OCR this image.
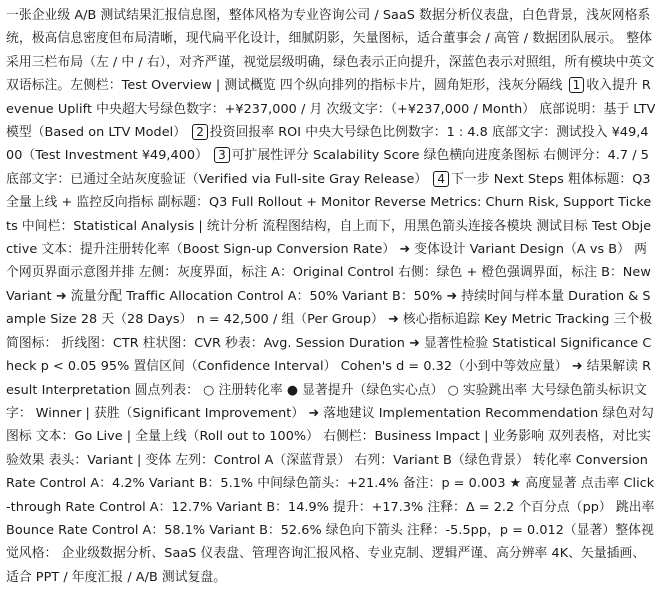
一张企业级 A/B 测试结果汇报信息图，整体风格为专业咨询公司 / SaaS 数据分析仪表盘，白色背景，浅灰网格系统，极高信息密度但布局清晰，现代扁平化设计，细腻阴影，矢量图标，适合董事会 / 高管 / 数据团队展示。 整体采用三栏布局（左 / 中 / 右），对齐严谨，视觉层级明确，绿色表示正向提升，深蓝色表示对照组，所有模块中英文双语标注。左侧栏：Test Overview | 测试概览 四个纵向排列的指标卡片，圆角矩形，浅灰分隔线 1 收入提升 Revenue Uplift 中央超大号绿色数字：+¥237,000 / 月 次级文字：（+¥237,000 / Month） 底部说明：基于 LTV 模型（Based on LTV Model） 2 投资回报率 ROI 中央大号绿色比例数字：1 : 4.8 底部文字：测试投入 ¥49,400（Test Investment ¥49,400） 3 可扩展性评分 Scalability Score 绿色横向进度条图标 右侧评分：4.7 / 5 底部文字：已通过全站灰度验证（Verified via Full-site Gray Release） 4 下一步 Next Steps 粗体标题：Q3 全量上线 + 监控反向指标 副标题：Q3 Full Rollout + Monitor Reverse Metrics: Churn Risk, Support Tickets 中间栏：Statistical Analysis | 统计分析 流程图结构，自上而下，用黑色箭头连接各模块 测试目标 Test Objective 文本：提升注册转化率（Boost Sign-up Conversion Rate） ➜ 变体设计 Variant Design（A vs B） 两个网页界面示意图并排 左侧：灰度界面，标注 A：Original Control 右侧：绿色 + 橙色强调界面，标注 B：New Variant ➜ 流量分配 Traffic Allocation Control A：50% Variant B：50% ➜ 持续时间与样本量 Duration & Sample Size 28 天（28 Days） n = 42,500 / 组（Per Group） ➜ 核心指标追踪 Key Metric Tracking 三个极简图标： 折线图：CTR 柱状图：CVR 秒表：Avg. Session Duration ➜ 显著性检验 Statistical Significance Check p < 0.05 95% 置信区间（Confidence Interval） Cohen's d = 0.32（小到中等效应量） ➜ 结果解读 Result Interpretation 圆点列表： ○ 注册转化率 ● 显著提升（绿色实心点） ○ 实验跳出率 大号绿色箭头标识文字： Winner | 获胜（Significant Improvement） ➜ 落地建议 Implementation Recommendation 绿色对勾图标 文本：Go Live | 全量上线（Roll out to 100%） 右侧栏：Business Impact | 业务影响 双列表格，对比实验效果 表头：Variant | 变体 左列：Control A（深蓝背景） 右列：Variant B（绿色背景） 转化率 Conversion Rate Control A：4.2% Variant B：5.1% 中间绿色箭头：+21.4% 备注：p = 0.003 ★ 高度显著 点击率 Click-through Rate Control A：12.7% Variant B：14.9% 提升：+17.3% 注释：Δ = 2.2 个百分点（pp） 跳出率 Bounce Rate Control A：58.1% Variant B：52.6% 绿色向下箭头 注释：-5.5pp，p = 0.012（显著）整体视觉风格： 企业级数据分析、SaaS 仪表盘、管理咨询汇报风格、专业克制、逻辑严谨、高分辨率 4K、矢量插画、适合 PPT / 年度汇报 / A/B 测试复盘。
